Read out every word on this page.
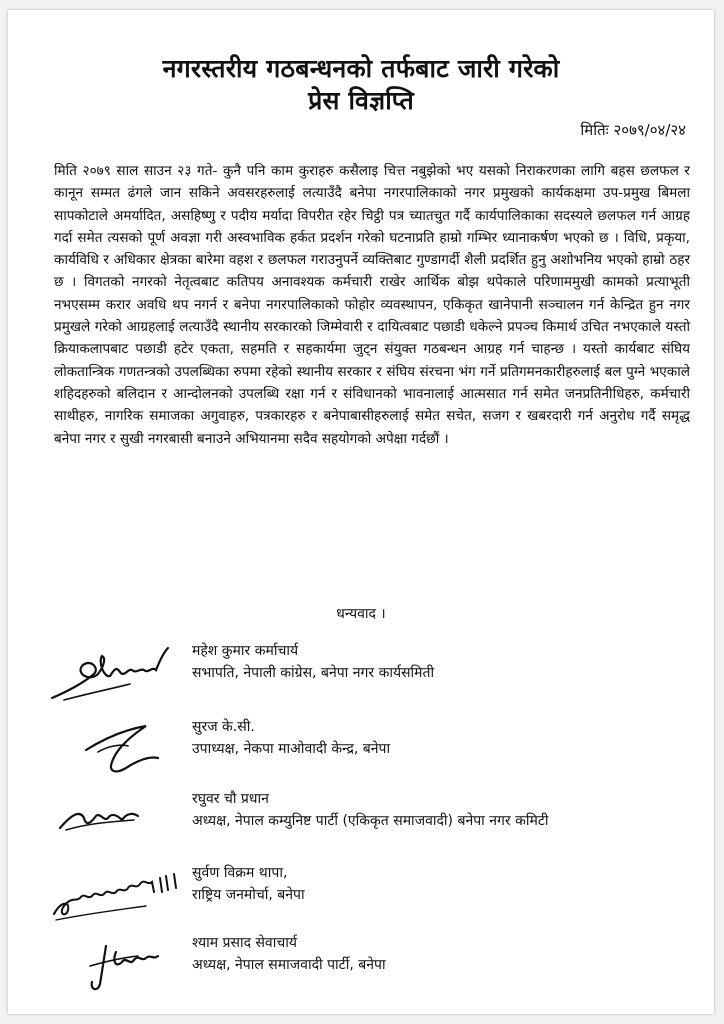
नगरस्तरीय गठबन्धनको तर्फबाट जारी गरेको
प्रेस विज्ञप्ति
मितिः २०७९/०४/२४
मिति २०७९ साल साउन २३ गते- कुनै पनि काम कुराहरु कसैलाइ चित्त नबुझेको भए यसको निराकरणका लागि बहस छलफल र कानून सम्मत ढंगले जान सकिने अवसरहरुलाई लत्याउँदै बनेपा नगरपालिकाको नगर प्रमुखको कार्यकक्षमा उप-प्रमुख बिमला सापकोटाले अमर्यादित, असहिष्णु र पदीय मर्यादा विपरीत रहेर चिट्ठी पत्र च्यातचुत गर्दै कार्यपालिकाका सदस्यले छलफल गर्न आग्रह गर्दा समेत त्यसको पूर्ण अवज्ञा गरी अस्वभाविक हर्कत प्रदर्शन गरेको घटनाप्रति हाम्रो गम्भिर ध्यानाकर्षण भएको छ । विधि, प्रकृया, कार्यविधि र अधिकार क्षेत्रका बारेमा वहश र छलफल गराउनुपर्ने व्यक्तिबाट गुण्डागर्दी शैली प्रदर्शित हुनु अशोभनिय भएको हाम्रो ठहर छ । विगतको नगरको नेतृत्वबाट कतिपय अनावश्यक कर्मचारी राखेर आर्थिक बोझ थपेकाले परिणाममुखी कामको प्रत्याभूती नभएसम्म करार अवधि थप नगर्न र बनेपा नगरपालिकाको फोहोर व्यवस्थापन, एकिकृत खानेपानी सञ्चालन गर्न केन्द्रित हुन नगर प्रमुखले गरेको आग्रहलाई लत्याउँदै स्थानीय सरकारको जिम्मेवारी र दायित्वबाट पछाडी धकेल्ने प्रपञ्च किमार्थ उचित नभएकाले यस्तो क्रियाकलापबाट पछाडी हटेर एकता, सहमति र सहकार्यमा जुट्न संयुक्त गठबन्धन आग्रह गर्न चाहन्छ । यस्तो कार्यबाट संघिय लोकतान्त्रिक गणतन्त्रको उपलब्धिका रुपमा रहेको स्थानीय सरकार र संघिय संरचना भंग गर्ने प्रतिगमनकारीहरुलाई बल पुग्ने भएकाले शहिदहरुको बलिदान र आन्दोलनको उपलब्धि रक्षा गर्न र संविधानको भावनालाई आत्मसात गर्न समेत जनप्रतिनीधिहरु, कर्मचारी साथीहरु, नागरिक समाजका अगुवाहरु, पत्रकारहरु र बनेपाबासीहरुलाई समेत सचेत, सजग र खबरदारी गर्न अनुरोध गर्दै समृद्ध बनेपा नगर र सुखी नगरबासी बनाउने अभियानमा सदैव सहयोगको अपेक्षा गर्दछौं ।
धन्यवाद ।
महेश कुमार कर्माचार्य
सभापति, नेपाली कांग्रेस, बनेपा नगर कार्यसमिती
सुरज के.सी.
उपाध्यक्ष, नेकपा माओवादी केन्द्र, बनेपा
रघुवर चौ प्रधान
अध्यक्ष, नेपाल कम्युनिष्ट पार्टी (एकिकृत समाजवादी) बनेपा नगर कमिटी
सुर्वण विक्रम थापा,
राष्ट्रिय जनमोर्चा, बनेपा
श्याम प्रसाद सेवाचार्य
अध्यक्ष, नेपाल समाजवादी पार्टी, बनेपा
